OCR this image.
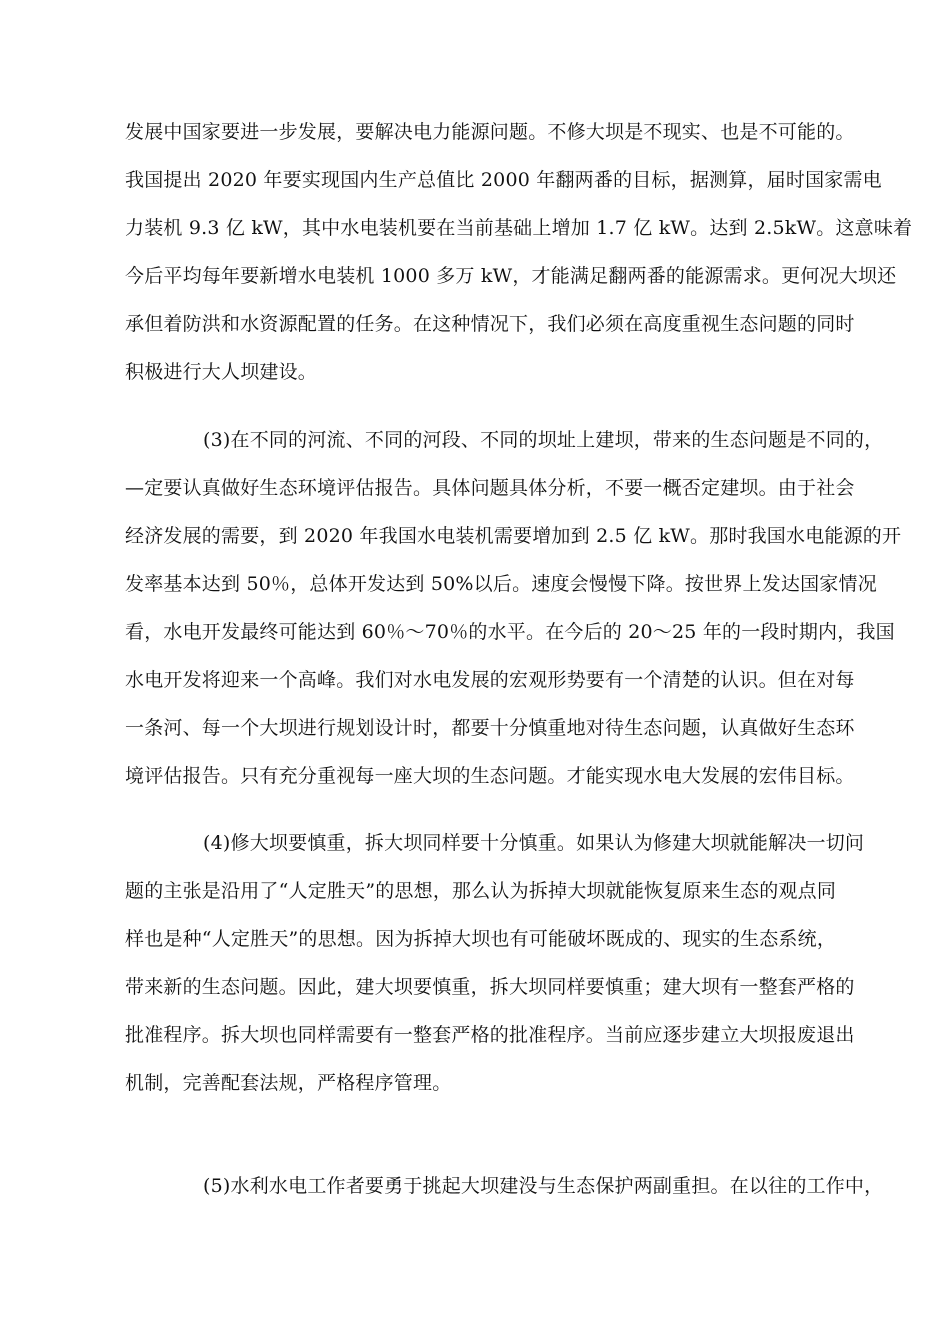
发展中国家要进一步发展，要解决电力能源问题。不修大坝是不现实、也是不可能的。
我国提出 2020 年要实现国内生产总值比 2000 年翻两番的目标，据测算，届时国家需电
力装机 9.3 亿 kW，其中水电装机要在当前基础上增加 1.7 亿 kW。达到 2.5kW。这意味着
今后平均每年要新增水电装机 1000 多万 kW，才能满足翻两番的能源需求。更何况大坝还
承但着防洪和水资源配置的任务。在这种情况下，我们必须在高度重视生态问题的同时
积极进行大人坝建设。
(3)在不同的河流、不同的河段、不同的坝址上建坝，带来的生态问题是不同的，
—定要认真做好生态环境评估报告。具体问题具体分析，不要一概否定建坝。由于社会
经济发展的需要，到 2020 年我国水电装机需要增加到 2.5 亿 kW。那时我国水电能源的开
发率基本达到 50％，总体开发达到 50%以后。速度会慢慢下降。按世界上发达国家情况
看，水电开发最终可能达到 60％～70％的水平。在今后的 20～25 年的一段时期内，我国
水电开发将迎来一个高峰。我们对水电发展的宏观形势要有一个清楚的认识。但在对每
一条河、每一个大坝进行规划设计时，都要十分慎重地对待生态问题，认真做好生态环
境评估报告。只有充分重视每一座大坝的生态问题。才能实现水电大发展的宏伟目标。
(4)修大坝要慎重，拆大坝同样要十分慎重。如果认为修建大坝就能解决一切问
题的主张是沿用了“人定胜天”的思想，那么认为拆掉大坝就能恢复原来生态的观点同
样也是种“人定胜天”的思想。因为拆掉大坝也有可能破坏既成的、现实的生态系统，
带来新的生态问题。因此，建大坝要慎重，拆大坝同样要慎重；建大坝有一整套严格的
批准程序。拆大坝也同样需要有一整套严格的批准程序。当前应逐步建立大坝报废退出
机制，完善配套法规，严格程序管理。
(5)水利水电工作者要勇于挑起大坝建没与生态保护两副重担。在以往的工作中，
